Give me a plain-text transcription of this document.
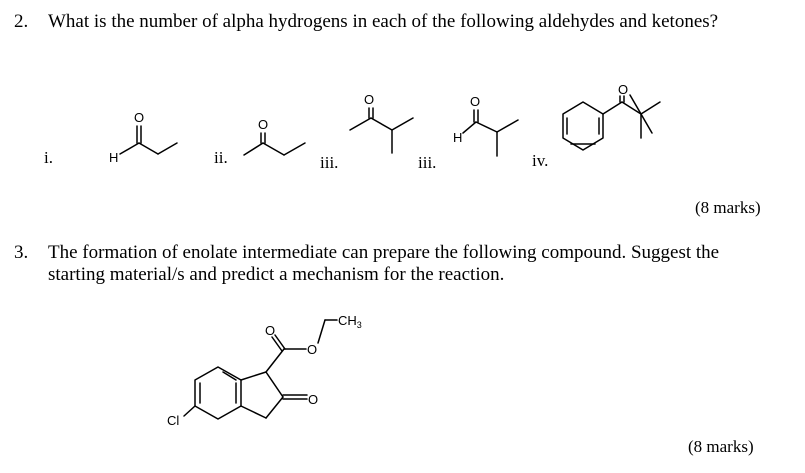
2. What is the number of alpha hydrogens in each of the following aldehydes and ketones?
i.	ii.	iii.	iii.	iv.
(8 marks)
3. The formation of enolate intermediate can prepare the following compound. Suggest the
starting material/s and predict a mechanism for the reaction.
(8 marks)
H
O	O
O
H
O
O
O
O
O
$CH_3$
Cl
